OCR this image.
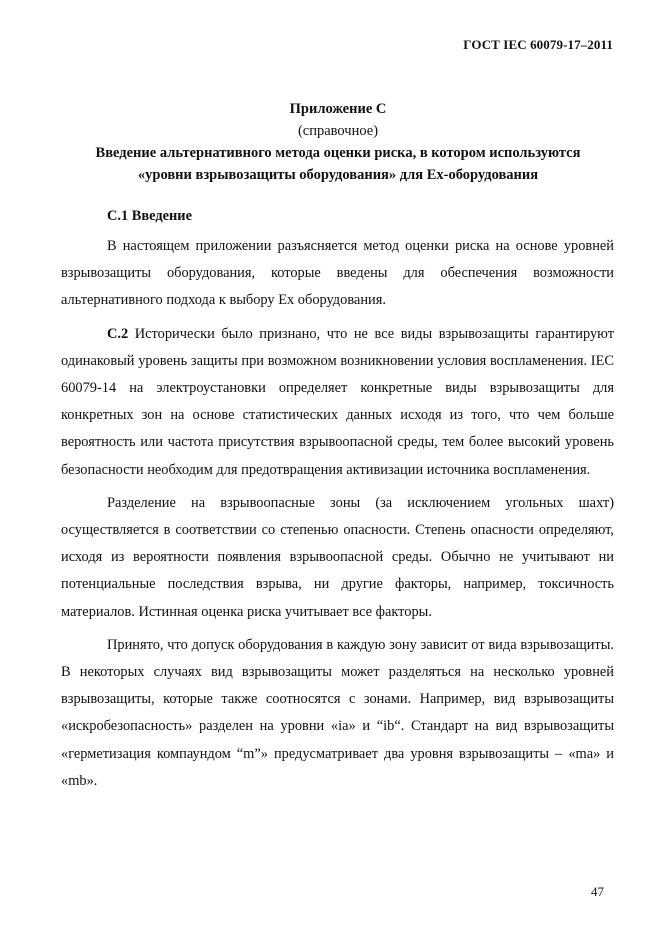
ГОСТ IEC 60079-17–2011
Приложение С
(справочное)
Введение альтернативного метода оценки риска, в котором используются
«уровни взрывозащиты оборудования» для Ex-оборудования
С.1 Введение

В настоящем приложении разъясняется метод оценки риска на основе уровней взрывозащиты оборудования, которые введены для обеспечения возможности альтернативного подхода к выбору Ex оборудования.

С.2 Исторически было признано, что не все виды взрывозащиты гарантируют одинаковый уровень защиты при возможном возникновении условия воспламенения. IEC 60079-14 на электроустановки определяет конкретные виды взрывозащиты для конкретных зон на основе статистических данных исходя из того, что чем больше вероятность или частота присутствия взрывоопасной среды, тем более высокий уровень безопасности необходим для предотвращения активизации источника воспламенения.

Разделение на взрывоопасные зоны (за исключением угольных шахт) осуществляется в соответствии со степенью опасности. Степень опасности определяют, исходя из вероятности появления взрывоопасной среды. Обычно не учитывают ни потенциальные последствия взрыва, ни другие факторы, например, токсичность материалов. Истинная оценка риска учитывает все факторы.

Принято, что допуск оборудования в каждую зону зависит от вида взрывозащиты. В некоторых случаях вид взрывозащиты может разделяться на несколько уровней взрывозащиты, которые также соотносятся с зонами. Например, вид взрывозащиты «искробезопасность» разделен на уровни «ia» и “ib“. Стандарт на вид взрывозащиты «герметизация компаундом “m”» предусматривает два уровня взрывозащиты – «ma» и «mb».

47
